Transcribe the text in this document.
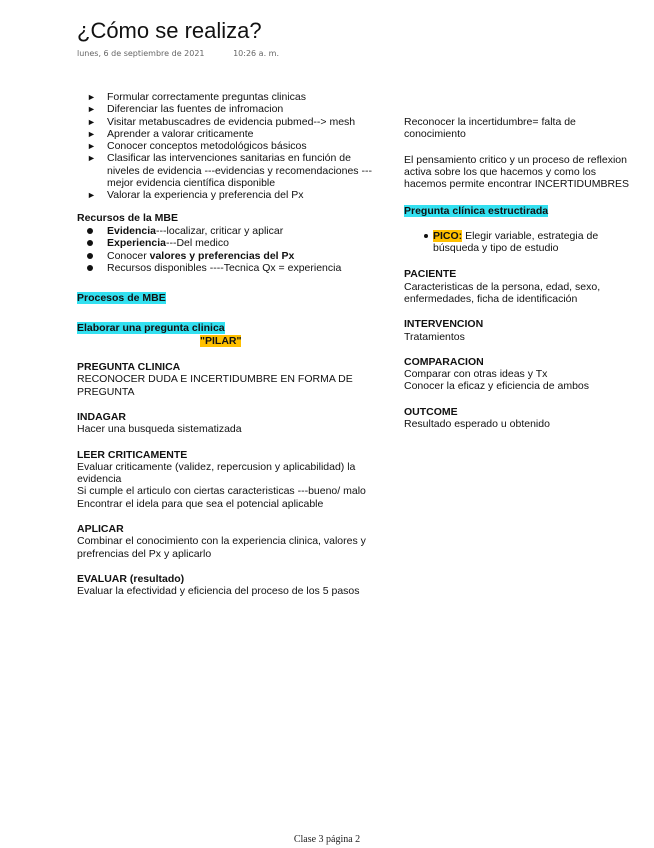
¿Cómo se realiza?
lunes, 6 de septiembre de 2021	10:26 a. m.
► Formular correctamente preguntas clinicas
► Diferenciar las fuentes de infromacion
► Visitar metabuscadres de evidencia pubmed--> mesh
► Aprender a valorar criticamente
► Conocer conceptos metodológicos básicos
► Clasificar las intervenciones sanitarias en función de niveles de evidencia ---evidencias y recomendaciones ---mejor evidencia científica disponible
► Valorar la experiencia y preferencia del Px
Recursos de la MBE
Evidencia---localizar, criticar y aplicar
Experiencia---Del medico
Conocer valores y preferencias del Px
Recursos disponibles ----Tecnica Qx = experiencia
Procesos de MBE
Elaborar una pregunta clinica
"PILAR"
PREGUNTA CLINICA

RECONOCER DUDA E INCERTIDUMBRE EN FORMA DE PREGUNTA

INDAGAR

Hacer una busqueda sistematizada

LEER CRITICAMENTE

Evaluar criticamente (validez, repercusion y aplicabilidad) la evidencia

Si cumple el articulo con ciertas caracteristicas ---bueno/ malo

Encontrar el idela para que sea el potencial aplicable

APLICAR

Combinar el conocimiento con la experiencia clinica, valores y prefrencias del Px y aplicarlo

EVALUAR (resultado)

Evaluar la efectividad y eficiencia del proceso de los 5 pasos

Reconocer la incertidumbre= falta de conocimiento

El pensamiento critico y un proceso de reflexion activa sobre los que hacemos y como los hacemos permite encontrar INCERTIDUMBRES

Pregunta clínica estructirada
PICO: Elegir variable, estrategia de búsqueda y tipo de estudio
PACIENTE

Caracteristicas de la persona, edad, sexo, enfermedades, ficha de identificación

INTERVENCION

Tratamientos

COMPARACION

Comparar con otras ideas y Tx

Conocer la eficaz y eficiencia de ambos

OUTCOME

Resultado esperado u obtenido

Clase 3 página 2
